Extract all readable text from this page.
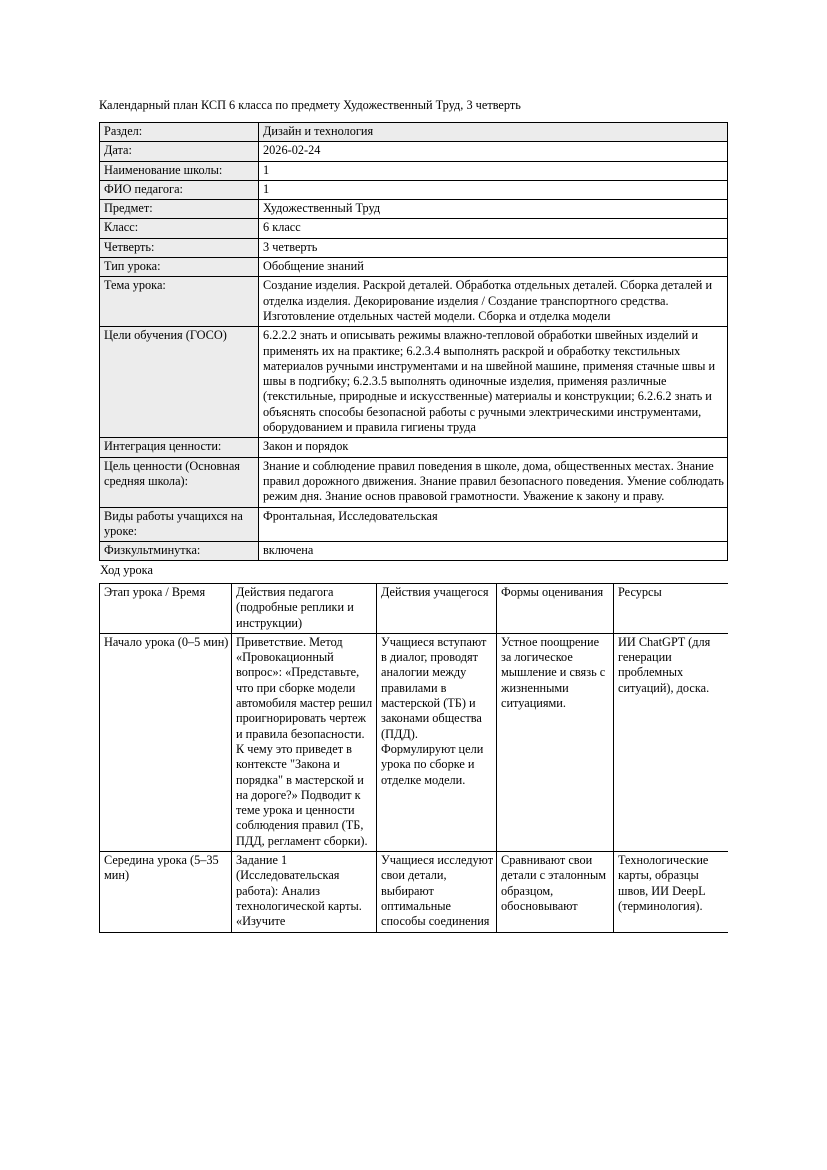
Календарный план КСП 6 класса по предмету Художественный Труд, 3 четверть

Раздел:	Дизайн и технология
Дата:	2026-02-24
Наименование школы:	1
ФИО педагога:	1
Предмет:	Художественный Труд
Класс:	6 класс
Четверть:	3 четверть
Тип урока:	Обобщение знаний
Тема урока:	Создание изделия. Раскрой деталей. Обработка отдельных деталей. Сборка деталей и отделка изделия. Декорирование изделия / Создание транспортного средства. Изготовление отдельных частей модели. Сборка и отделка модели
Цели обучения (ГОСО)	6.2.2.2 знать и описывать режимы влажно-тепловой обработки швейных изделий и применять их на практике; 6.2.3.4 выполнять раскрой и обработку текстильных материалов ручными инструментами и на швейной машине, применяя стачные швы и швы в подгибку; 6.2.3.5 выполнять одиночные изделия, применяя различные (текстильные, природные и искусственные) материалы и конструкции; 6.2.6.2 знать и объяснять способы безопасной работы с ручными электрическими инструментами, оборудованием и правила гигиены труда
Интеграция ценности:	Закон и порядок
Цель ценности (Основная средняя школа):	Знание и соблюдение правил поведения в школе, дома, общественных местах. Знание правил дорожного движения. Знание правил безопасного поведения. Умение соблюдать режим дня. Знание основ правовой грамотности. Уважение к закону и праву.
Виды работы учащихся на уроке:	Фронтальная, Исследовательская
Физкультминутка:	включена

Ход урока

Этап урока / Время	Действия педагога (подробные реплики и инструкции)	Действия учащегося	Формы оценивания	Ресурсы
Начало урока (0–5 мин)	Приветствие. Метод «Провокационный вопрос»: «Представьте, что при сборке модели автомобиля мастер решил проигнорировать чертеж и правила безопасности. К чему это приведет в контексте "Закона и порядка" в мастерской и на дороге?» Подводит к теме урока и ценности соблюдения правил (ТБ, ПДД, регламент сборки).	Учащиеся вступают в диалог, проводят аналогии между правилами в мастерской (ТБ) и законами общества (ПДД). Формулируют цели урока по сборке и отделке модели.	Устное поощрение за логическое мышление и связь с жизненными ситуациями.	ИИ ChatGPT (для генерации проблемных ситуаций), доска.
Середина урока (5–35 мин)	Задание 1 (Исследовательская работа): Анализ технологической карты. «Изучите	Учащиеся исследуют свои детали, выбирают оптимальные способы соединения	Сравнивают свои детали с эталонным образцом, обосновывают	Технологические карты, образцы швов, ИИ DeepL (терминология).
